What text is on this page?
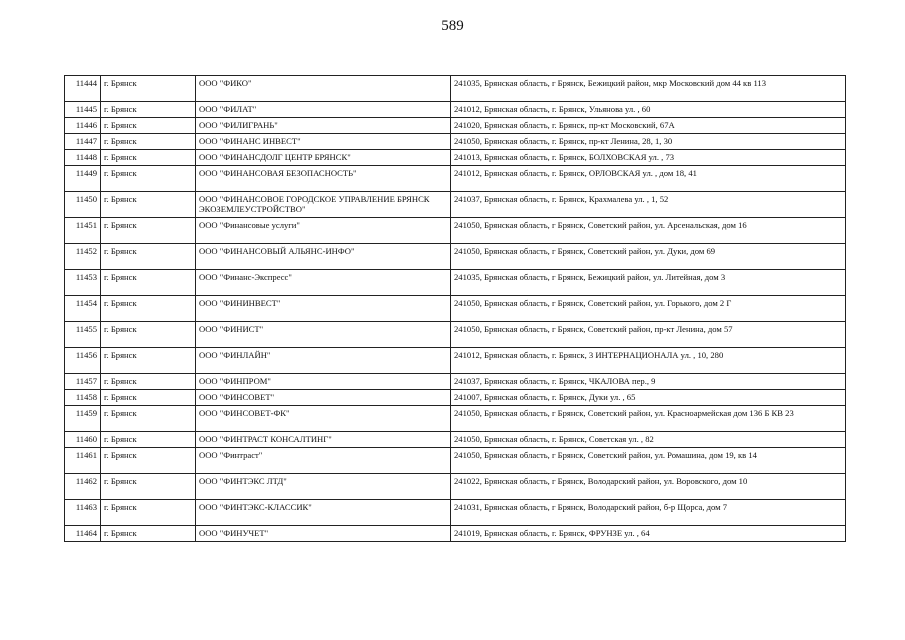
589
11444	г. Брянск	ООО "ФИКО"	241035, Брянская область, г Брянск, Бежицкий район, мкр Московский дом 44 кв 113
11445	г. Брянск	ООО "ФИЛАТ"	241012, Брянская область, г. Брянск, Ульянова ул. , 60
11446	г. Брянск	ООО "ФИЛИГРАНЬ"	241020, Брянская область, г. Брянск, пр-кт Московский, 67А
11447	г. Брянск	ООО "ФИНАНС ИНВЕСТ"	241050, Брянская область, г. Брянск, пр-кт Ленина, 28, 1, 30
11448	г. Брянск	ООО "ФИНАНСДОЛГ ЦЕНТР БРЯНСК"	241013, Брянская область, г. Брянск, БОЛХОВСКАЯ ул. , 73
11449	г. Брянск	ООО "ФИНАНСОВАЯ БЕЗОПАСНОСТЬ"	241012, Брянская область, г. Брянск, ОРЛОВСКАЯ ул. , дом 18, 41
11450	г. Брянск	ООО "ФИНАНСОВОЕ ГОРОДСКОЕ УПРАВЛЕНИЕ БРЯНСК ЭКОЗЕМЛЕУСТРОЙСТВО"	241037, Брянская область, г. Брянск, Крахмалева ул. , 1, 52
11451	г. Брянск	ООО "Финансовые услуги"	241050, Брянская область, г Брянск, Советский район, ул. Арсенальская, дом 16
11452	г. Брянск	ООО "ФИНАНСОВЫЙ АЛЬЯНС-ИНФО"	241050, Брянская область, г Брянск, Советский район, ул. Дуки, дом 69
11453	г. Брянск	ООО "Финанс-Экспресс"	241035, Брянская область, г Брянск, Бежицкий район, ул. Литейная, дом 3
11454	г. Брянск	ООО "ФИНИНВЕСТ"	241050, Брянская область, г Брянск, Советский район, ул. Горького, дом 2 Г
11455	г. Брянск	ООО "ФИНИСТ"	241050, Брянская область, г Брянск, Советский район, пр-кт Ленина, дом 57
11456	г. Брянск	ООО "ФИНЛАЙН"	241012, Брянская область, г. Брянск, 3 ИНТЕРНАЦИОНАЛА ул. , 10, 280
11457	г. Брянск	ООО "ФИНПРОМ"	241037, Брянская область, г. Брянск, ЧКАЛОВА пер., 9
11458	г. Брянск	ООО "ФИНСОВЕТ"	241007, Брянская область, г. Брянск, Дуки ул. , 65
11459	г. Брянск	ООО "ФИНСОВЕТ-ФК"	241050, Брянская область, г Брянск, Советский район, ул. Красноармейская дом 136 Б КВ 23
11460	г. Брянск	ООО "ФИНТРАСТ КОНСАЛТИНГ"	241050, Брянская область, г. Брянск, Советская ул. , 82
11461	г. Брянск	ООО "Финтраст"	241050, Брянская область, г Брянск, Советский район, ул. Ромашина, дом 19, кв 14
11462	г. Брянск	ООО "ФИНТЭКС ЛТД"	241022, Брянская область, г Брянск, Володарский район, ул. Воровского, дом 10
11463	г. Брянск	ООО "ФИНТЭКС-КЛАССИК"	241031, Брянская область, г Брянск, Володарский район, б-р Щорса, дом 7
11464	г. Брянск	ООО "ФИНУЧЕТ"	241019, Брянская область, г. Брянск, ФРУНЗЕ ул. , 64
